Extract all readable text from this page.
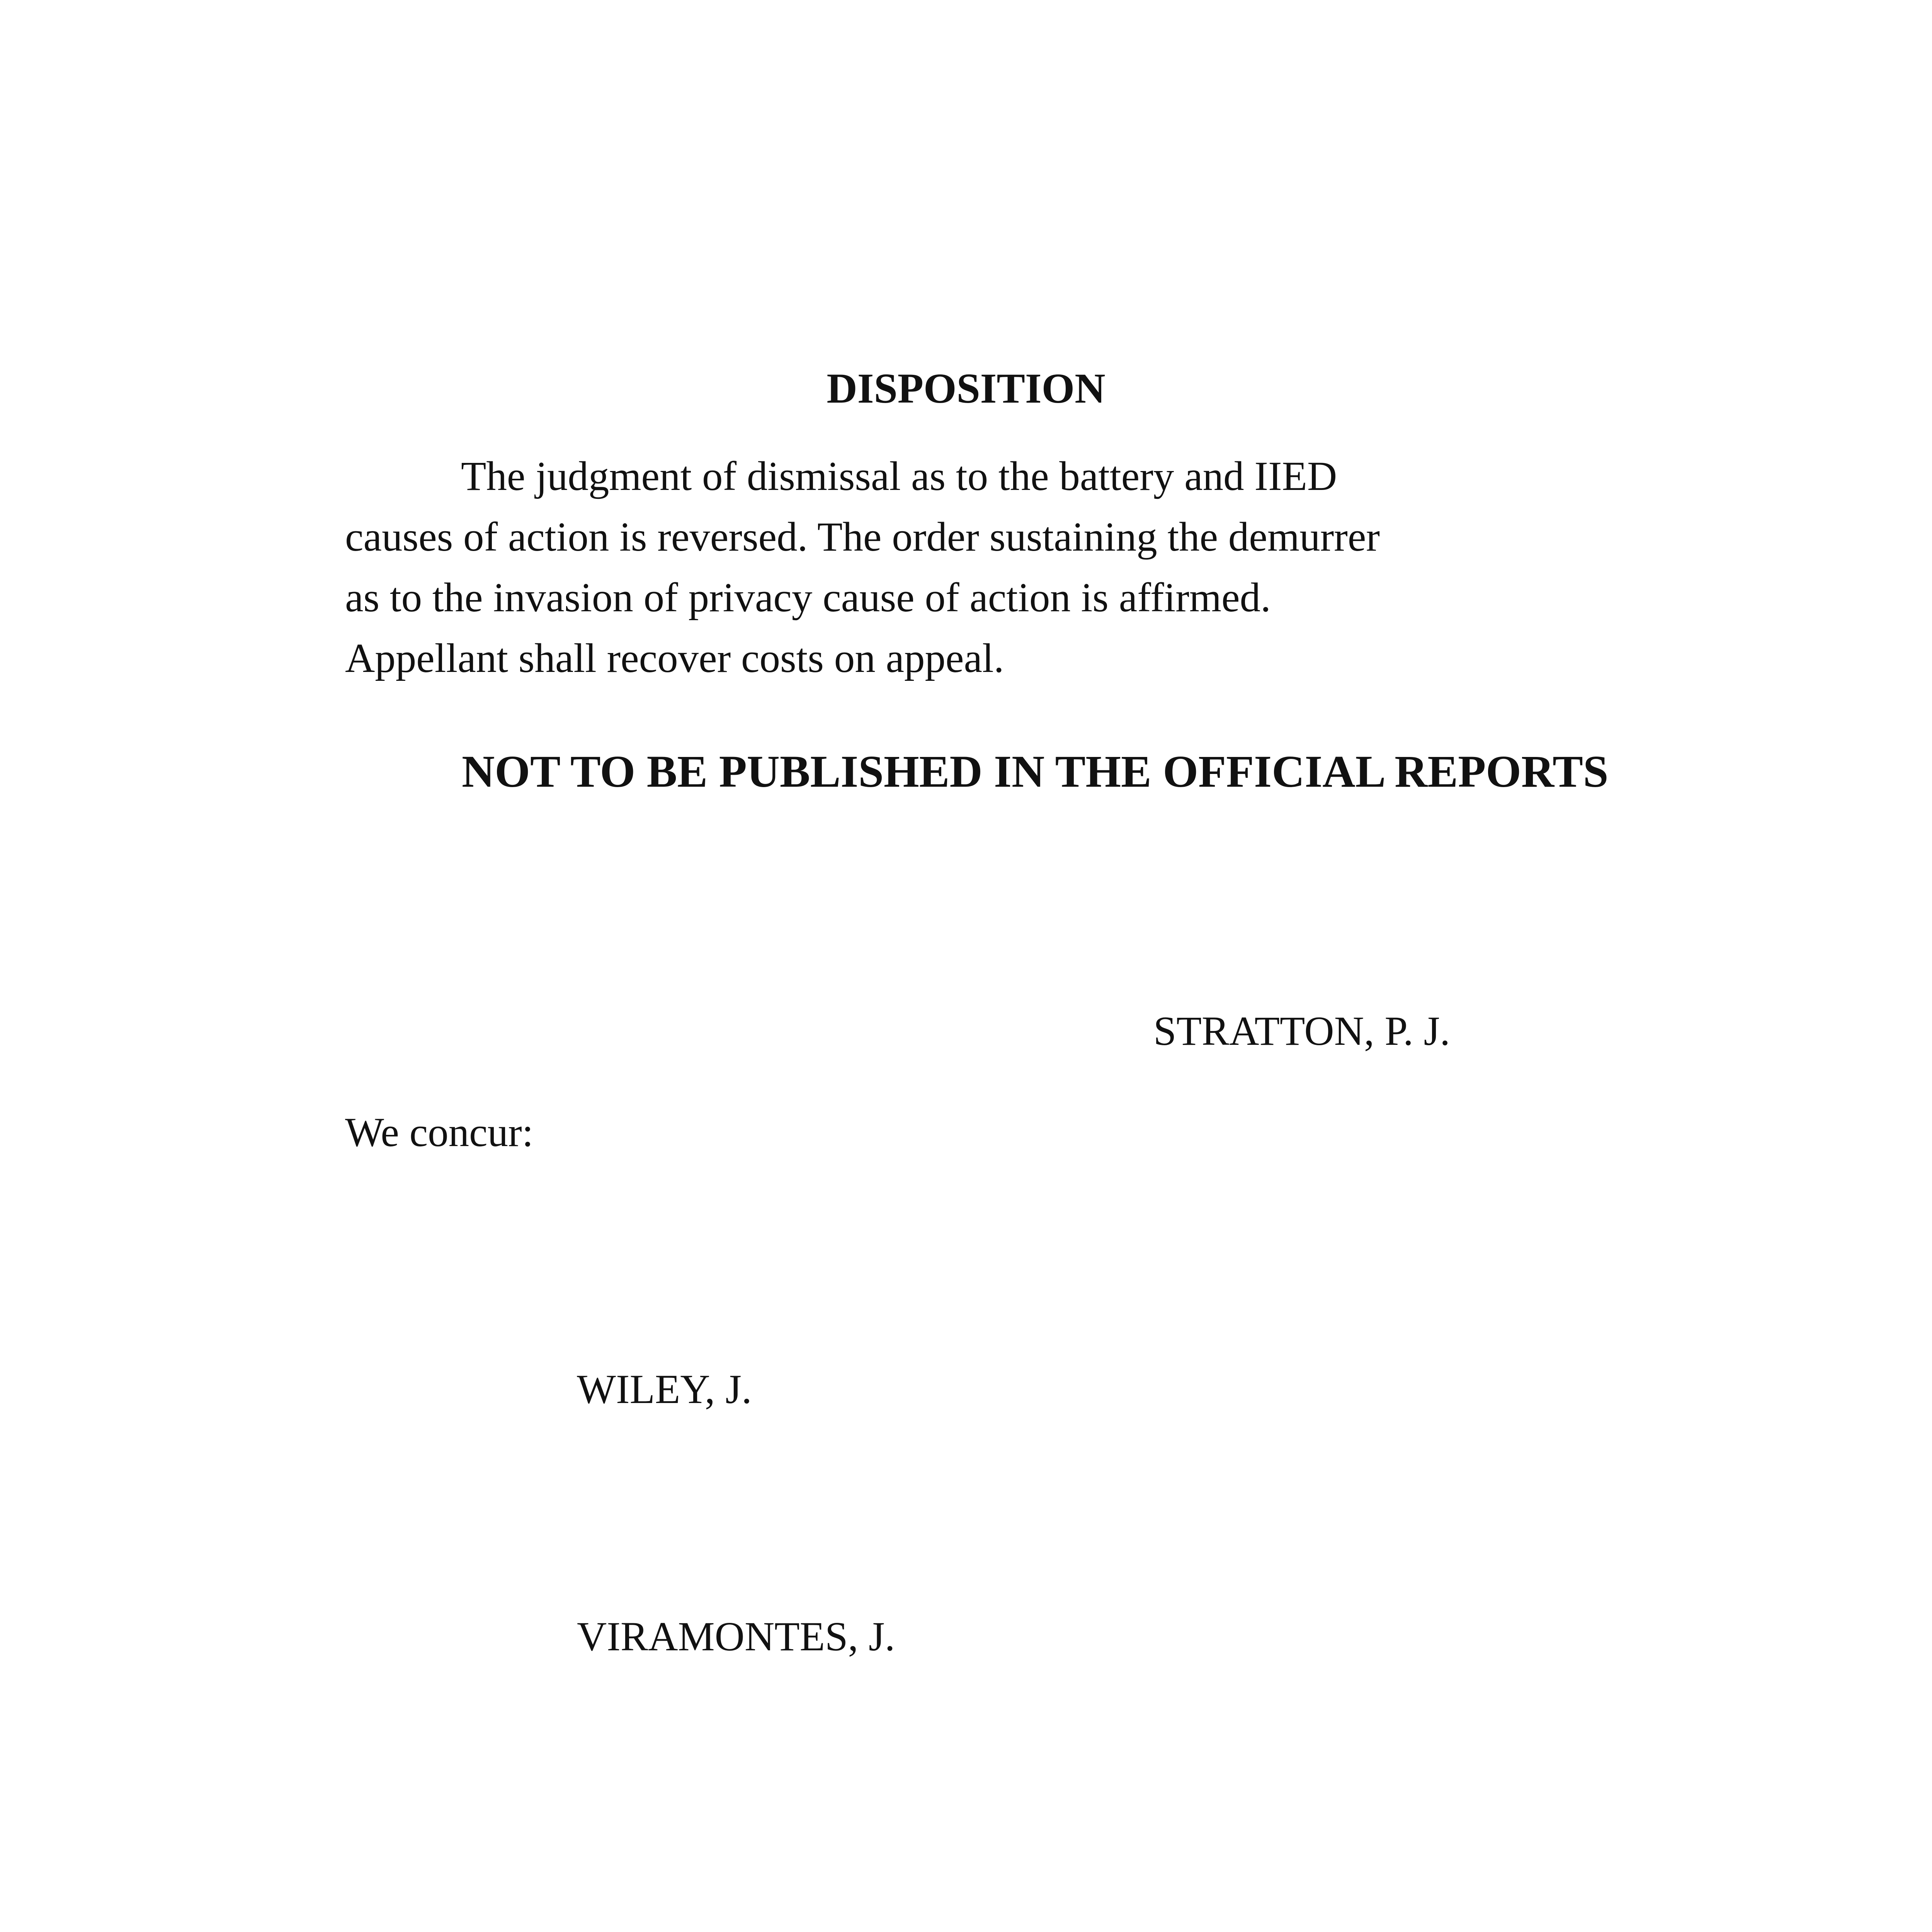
DISPOSITION
The judgment of dismissal as to the battery and IIED
causes of action is reversed. The order sustaining the demurrer
as to the invasion of privacy cause of action is affirmed.
Appellant shall recover costs on appeal.
NOT TO BE PUBLISHED IN THE OFFICIAL REPORTS
STRATTON, P. J.
We concur:
WILEY, J.
VIRAMONTES, J.
